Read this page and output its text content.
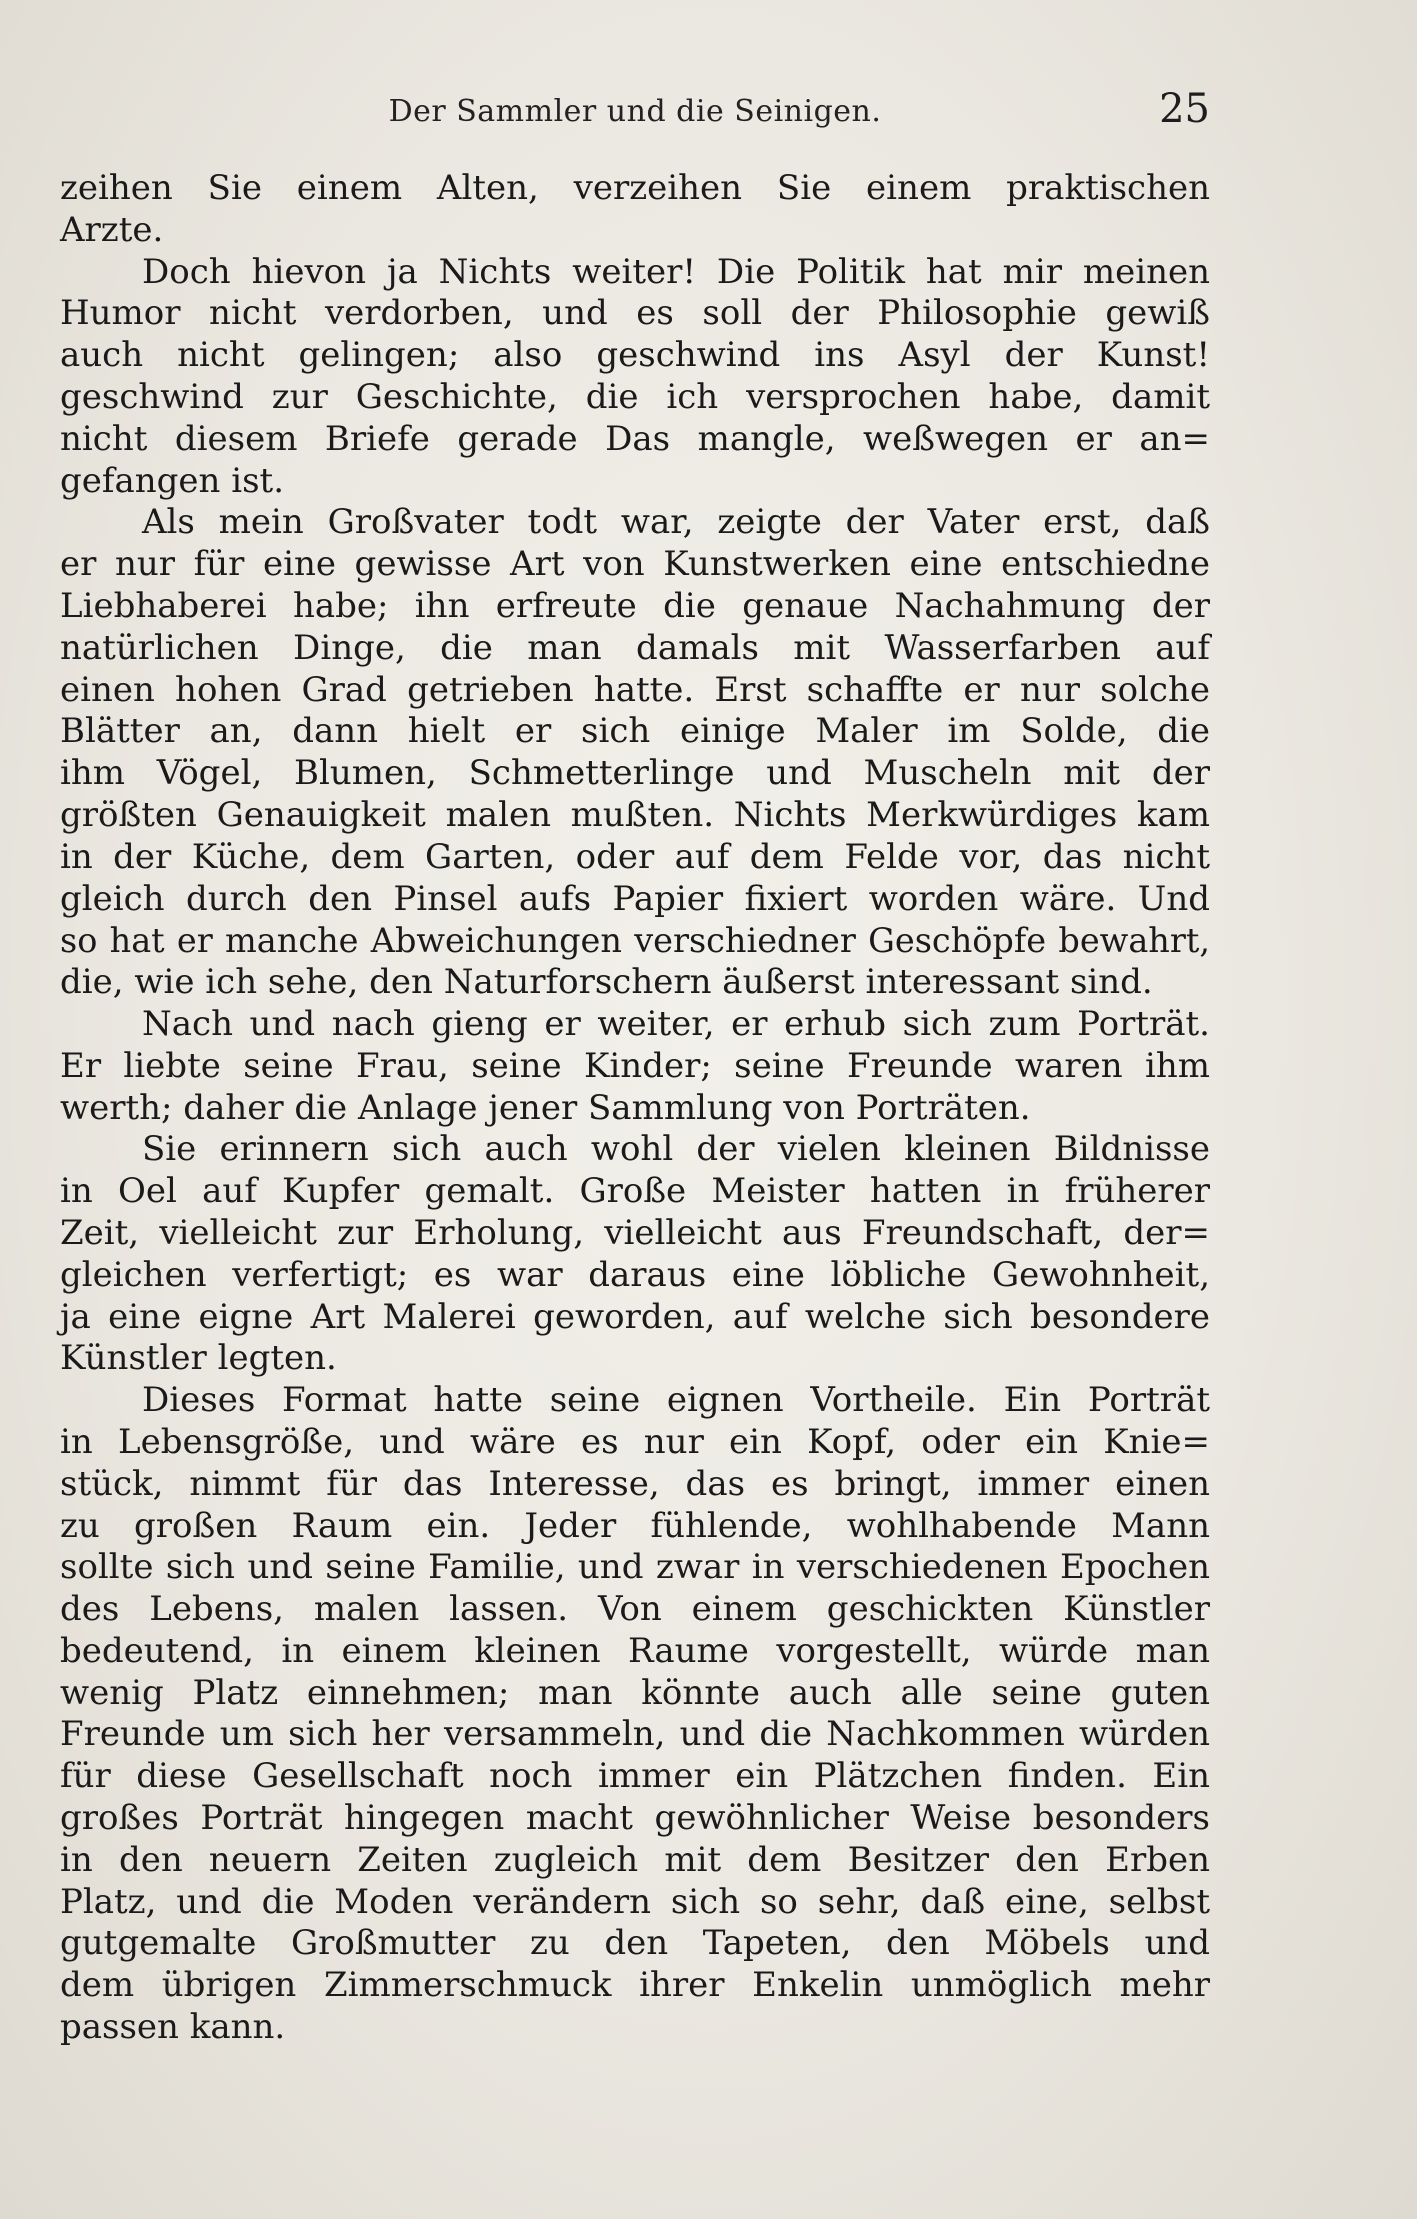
Der Sammler und die Seinigen.	25
zeihen Sie einem Alten, verzeihen Sie einem praktischen
Arzte.
Doch hievon ja Nichts weiter! Die Politik hat mir meinen
Humor nicht verdorben, und es soll der Philosophie gewiß
auch nicht gelingen; also geschwind ins Asyl der Kunst!
geschwind zur Geschichte, die ich versprochen habe, damit
nicht diesem Briefe gerade Das mangle, weßwegen er an=
gefangen ist.
Als mein Großvater todt war, zeigte der Vater erst, daß
er nur für eine gewisse Art von Kunstwerken eine entschiedne
Liebhaberei habe; ihn erfreute die genaue Nachahmung der
natürlichen Dinge, die man damals mit Wasserfarben auf
einen hohen Grad getrieben hatte. Erst schaffte er nur solche
Blätter an, dann hielt er sich einige Maler im Solde, die
ihm Vögel, Blumen, Schmetterlinge und Muscheln mit der
größten Genauigkeit malen mußten. Nichts Merkwürdiges kam
in der Küche, dem Garten, oder auf dem Felde vor, das nicht
gleich durch den Pinsel aufs Papier fixiert worden wäre. Und
so hat er manche Abweichungen verschiedner Geschöpfe bewahrt,
die, wie ich sehe, den Naturforschern äußerst interessant sind.
Nach und nach gieng er weiter, er erhub sich zum Porträt.
Er liebte seine Frau, seine Kinder; seine Freunde waren ihm
werth; daher die Anlage jener Sammlung von Porträten.
Sie erinnern sich auch wohl der vielen kleinen Bildnisse
in Oel auf Kupfer gemalt. Große Meister hatten in früherer
Zeit, vielleicht zur Erholung, vielleicht aus Freundschaft, der=
gleichen verfertigt; es war daraus eine löbliche Gewohnheit,
ja eine eigne Art Malerei geworden, auf welche sich besondere
Künstler legten.
Dieses Format hatte seine eignen Vortheile. Ein Porträt
in Lebensgröße, und wäre es nur ein Kopf, oder ein Knie=
stück, nimmt für das Interesse, das es bringt, immer einen
zu großen Raum ein. Jeder fühlende, wohlhabende Mann
sollte sich und seine Familie, und zwar in verschiedenen Epochen
des Lebens, malen lassen. Von einem geschickten Künstler
bedeutend, in einem kleinen Raume vorgestellt, würde man
wenig Platz einnehmen; man könnte auch alle seine guten
Freunde um sich her versammeln, und die Nachkommen würden
für diese Gesellschaft noch immer ein Plätzchen finden. Ein
großes Porträt hingegen macht gewöhnlicher Weise besonders
in den neuern Zeiten zugleich mit dem Besitzer den Erben
Platz, und die Moden verändern sich so sehr, daß eine, selbst
gutgemalte Großmutter zu den Tapeten, den Möbels und
dem übrigen Zimmerschmuck ihrer Enkelin unmöglich mehr
passen kann.
